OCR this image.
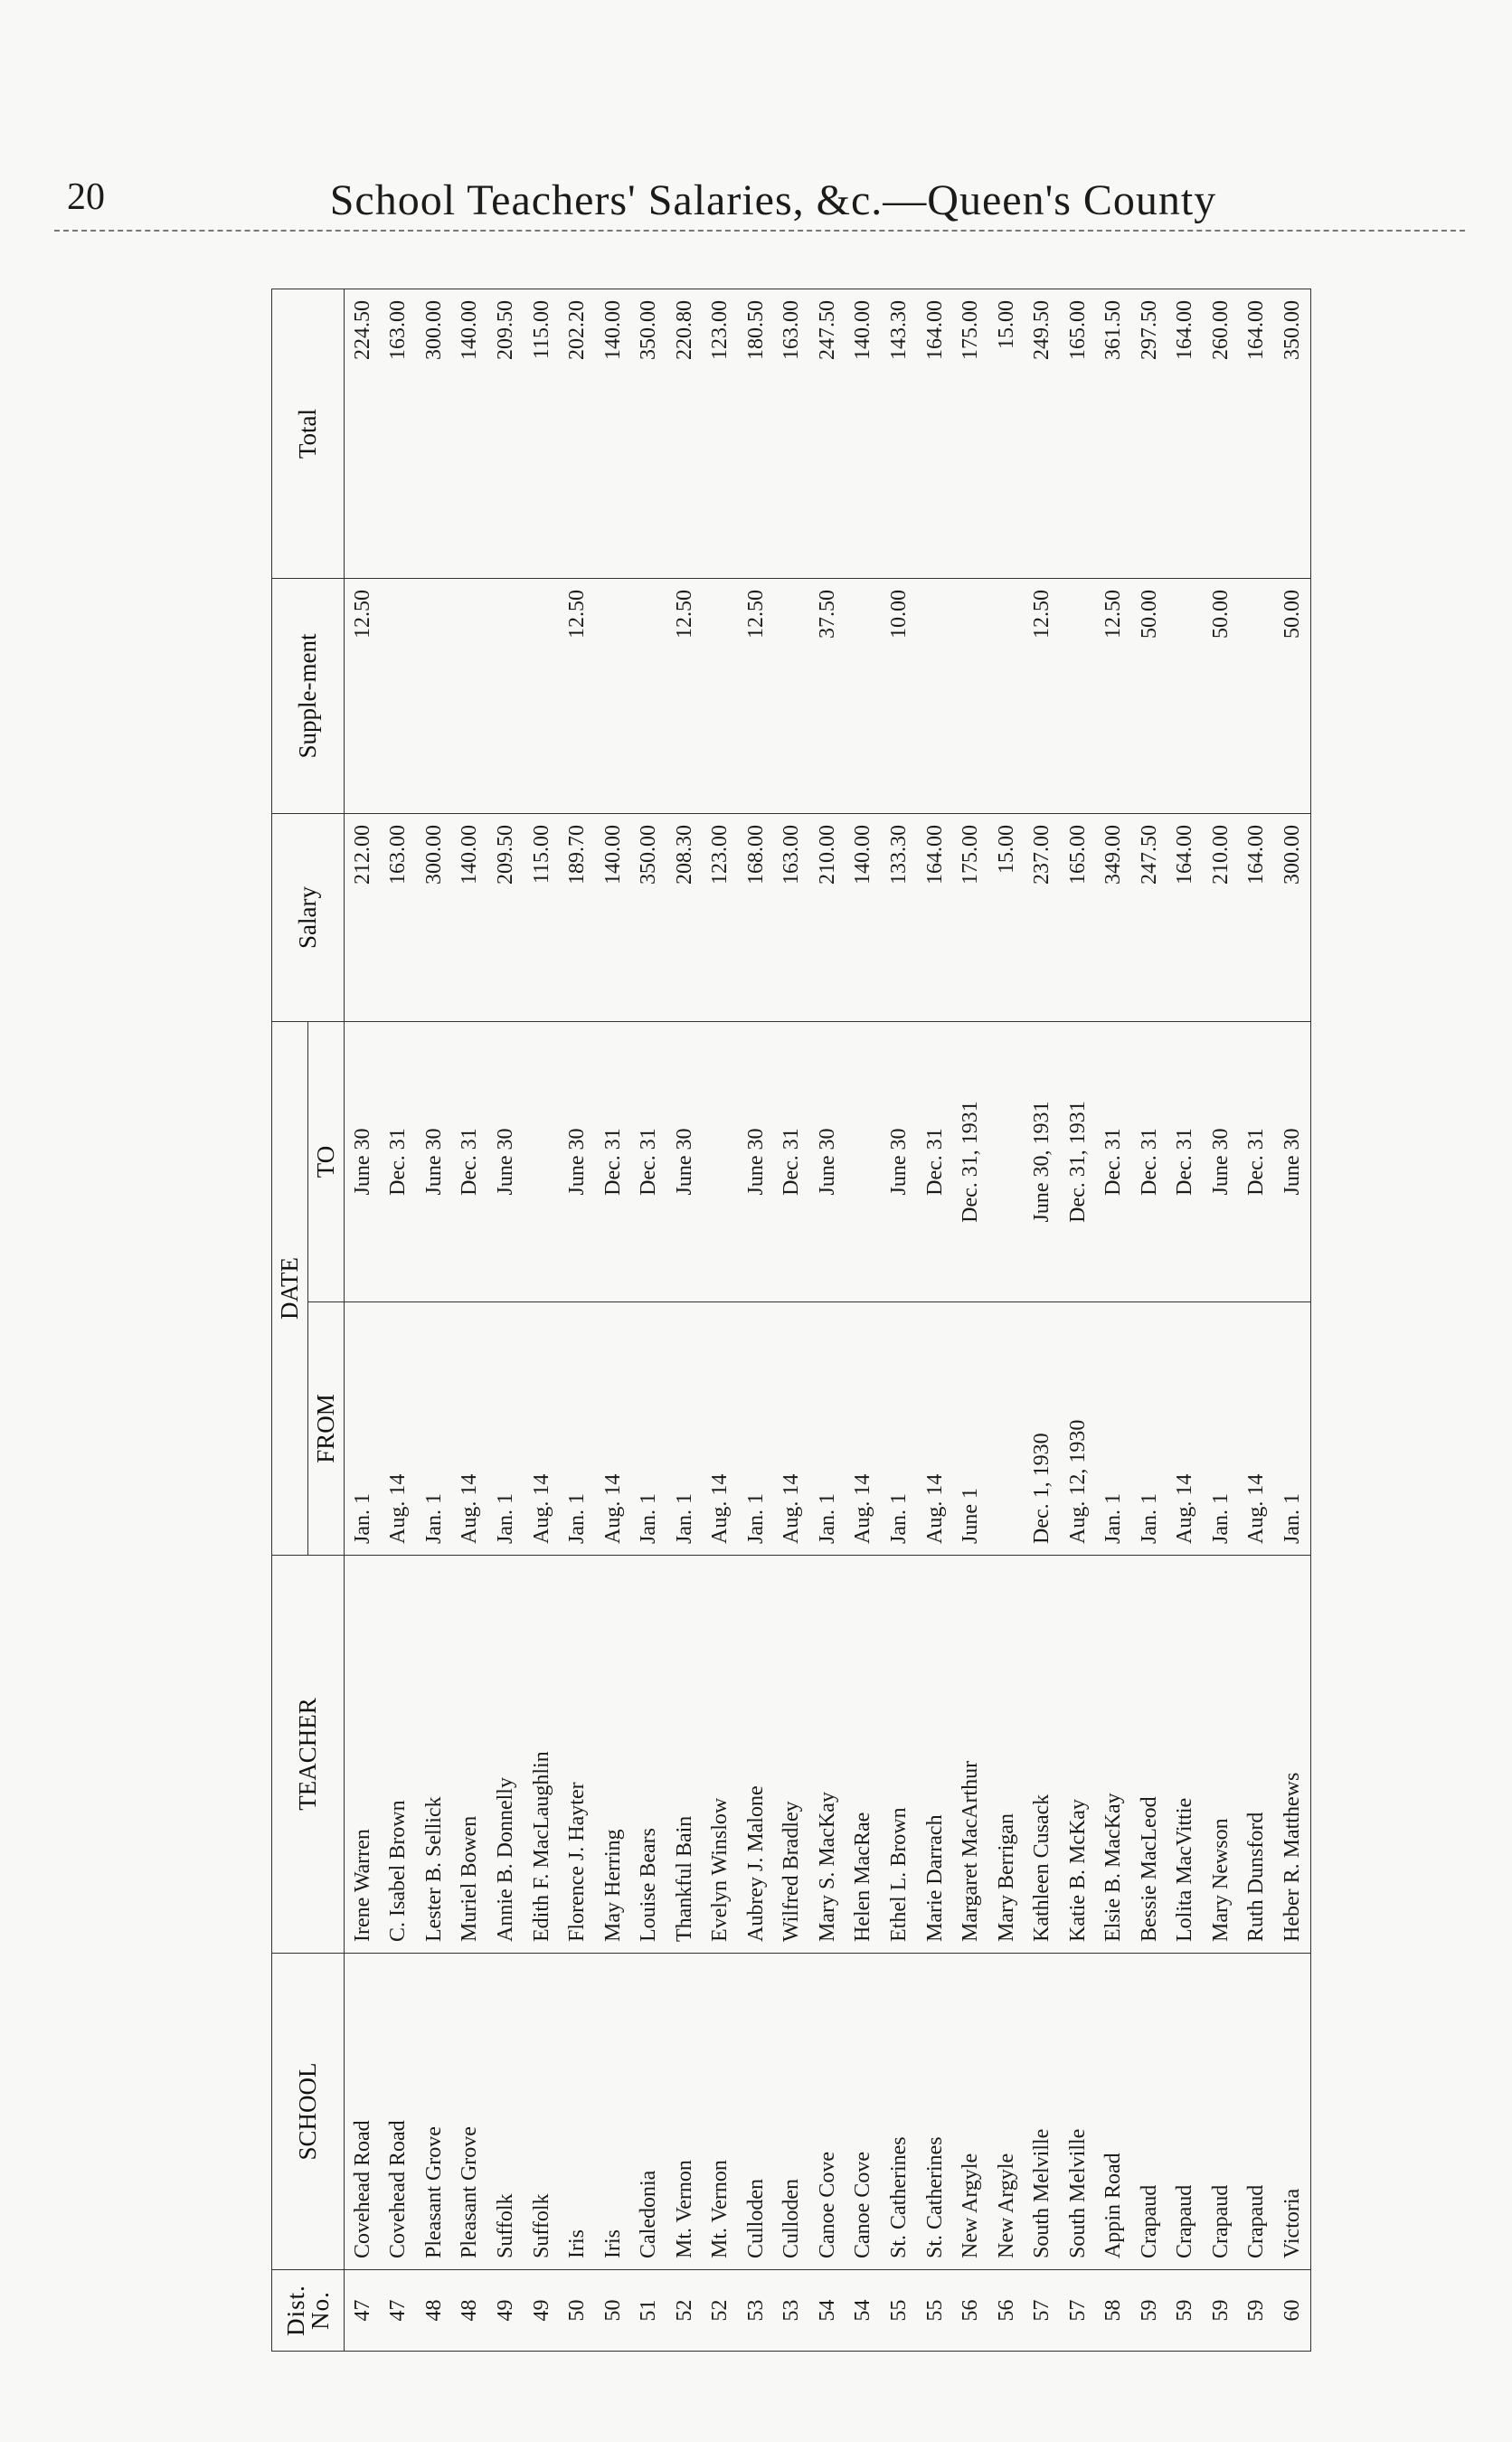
20	School Teachers' Salaries, &c.—Queen's County
Dist. No.	SCHOOL	TEACHER	DATE		Salary	Supple-ment	Total
			FROM	TO			
47	Covehead Road	Irene Warren	Jan. 1	June 30	212.00	12.50	224.50
47	Covehead Road	C. Isabel Brown	Aug. 14	Dec. 31	163.00		163.00
48	Pleasant Grove	Lester B. Sellick	Jan. 1	June 30	300.00		300.00
48	Pleasant Grove	Muriel Bowen	Aug. 14	Dec. 31	140.00		140.00
49	Suffolk	Annie B. Donnelly	Jan. 1	June 30	209.50		209.50
49	Suffolk	Edith F. MacLaughlin	Aug. 14		115.00		115.00
50	Iris	Florence J. Hayter	Jan. 1	June 30	189.70	12.50	202.20
50	Iris	May Herring	Aug. 14	Dec. 31	140.00		140.00
51	Caledonia	Louise Bears	Jan. 1	Dec. 31	350.00		350.00
52	Mt. Vernon	Thankful Bain	Jan. 1	June 30	208.30	12.50	220.80
52	Mt. Vernon	Evelyn Winslow	Aug. 14		123.00		123.00
53	Culloden	Aubrey J. Malone	Jan. 1	June 30	168.00	12.50	180.50
53	Culloden	Wilfred Bradley	Aug. 14	Dec. 31	163.00		163.00
54	Canoe Cove	Mary S. MacKay	Jan. 1	June 30	210.00	37.50	247.50
54	Canoe Cove	Helen MacRae	Aug. 14		140.00		140.00
55	St. Catherines	Ethel L. Brown	Jan. 1	June 30	133.30	10.00	143.30
55	St. Catherines	Marie Darrach	Aug. 14	Dec. 31	164.00		164.00
56	New Argyle	Margaret MacArthur	June 1	Dec. 31, 1931	175.00		175.00
56	New Argyle	Mary Berrigan			15.00		15.00
57	South Melville	Kathleen Cusack	Dec. 1, 1930	June 30, 1931	237.00	12.50	249.50
57	South Melville	Katie B. McKay	Aug. 12, 1930	Dec. 31, 1931	165.00		165.00
58	Appin Road	Elsie B. MacKay	Jan. 1	Dec. 31	349.00	12.50	361.50
59	Crapaud	Bessie MacLeod	Jan. 1	Dec. 31	247.50	50.00	297.50
59	Crapaud	Lolita MacVittie	Aug. 14	Dec. 31	164.00		164.00
59	Crapaud	Mary Newson	Jan. 1	June 30	210.00	50.00	260.00
59	Crapaud	Ruth Dunsford	Aug. 14	Dec. 31	164.00		164.00
60	Victoria	Heber R. Matthews	Jan. 1	June 30	300.00	50.00	350.00
